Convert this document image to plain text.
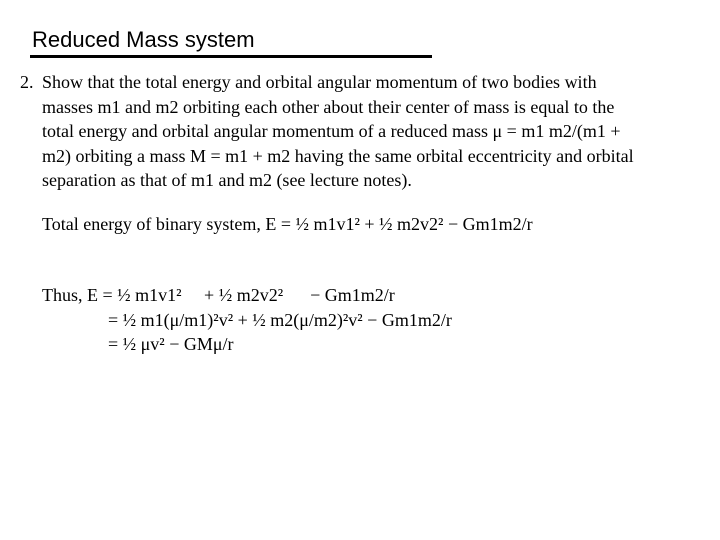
Reduced Mass system
2. Show that the total energy and orbital angular momentum of two bodies with
masses m1 and m2 orbiting each other about their center of mass is equal to the
total energy and orbital angular momentum of a reduced mass μ = m1 m2/(m1 +
m2) orbiting a mass M = m1 + m2 having the same orbital eccentricity and orbital
separation as that of m1 and m2 (see lecture notes).
Total energy of binary system, E = ½ m1v1² + ½ m2v2² − Gm1m2/r
Thus, E = ½ m1v1²     + ½ m2v2²      − Gm1m2/r
= ½ m1(μ/m1)²v² + ½ m2(μ/m2)²v² − Gm1m2/r
= ½ μv² − GMμ/r
